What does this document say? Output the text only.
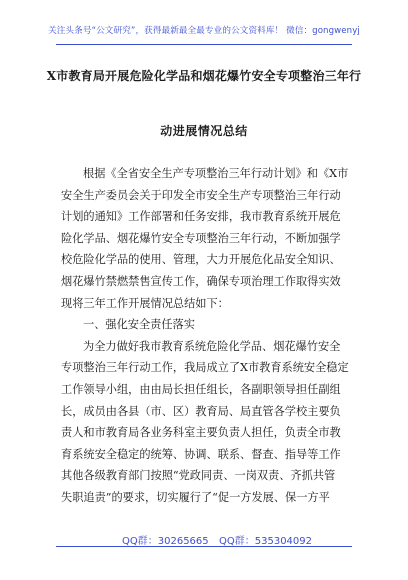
关注头条号“公文研究”，获得最新最全最专业的公文资料库！ 微信：gongwenyj
X市教育局开展危险化学品和烟花爆竹安全专项整治三年行
动进展情况总结
根据《全省安全生产专项整治三年行动计划》和《X市
安全生产委员会关于印发全市安全生产专项整治三年行动
计划的通知》工作部署和任务安排，我市教育系统开展危
险化学品、烟花爆竹安全专项整治三年行动，不断加强学
校危险化学品的使用、管理，大力开展危化品安全知识、
烟花爆竹禁燃禁售宣传工作，确保专项治理工作取得实效
现将三年工作开展情况总结如下：
一、强化安全责任落实
为全力做好我市教育系统危险化学品、烟花爆竹安全
专项整治三年行动工作，我局成立了X市教育系统安全稳定
工作领导小组，由由局长担任组长，各副职领导担任副组
长，成员由各县（市、区）教育局、局直管各学校主要负
责人和市教育局各业务科室主要负责人担任，负责全市教
育系统安全稳定的统筹、协调、联系、督查、指导等工作
其他各级教育部门按照“党政同责、一岗双责、齐抓共管
失职追责”的要求，切实履行了“促一方发展、保一方平
QQ群：30265665 QQ群：535304092
